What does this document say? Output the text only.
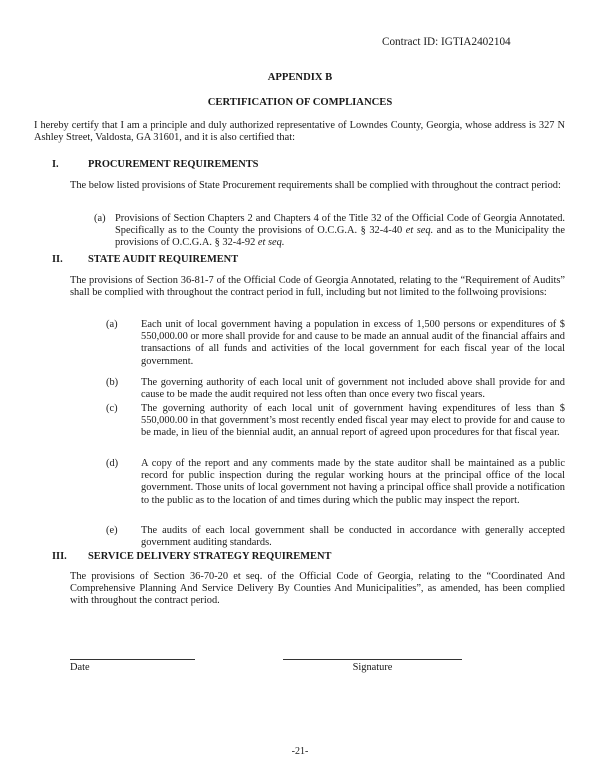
Contract ID: IGTIA2402104
APPENDIX B
CERTIFICATION OF COMPLIANCES
I hereby certify that I am a principle and duly authorized representative of Lowndes County, Georgia, whose address is 327 N Ashley Street, Valdosta, GA 31601, and it is also certified that:
I.	PROCUREMENT REQUIREMENTS
The below listed provisions of State Procurement requirements shall be complied with throughout the contract period:
(a) Provisions of Section Chapters 2 and Chapters 4 of the Title 32 of the Official Code of Georgia Annotated. Specifically as to the County the provisions of O.C.G.A. § 32-4-40 et seq. and as to the Municipality the provisions of O.C.G.A. § 32-4-92 et seq.
II. STATE AUDIT REQUIREMENT
The provisions of Section 36-81-7 of the Official Code of Georgia Annotated, relating to the “Requirement of Audits” shall be complied with throughout the contract period in full, including but not limited to the follwoing provisions:
(a) Each unit of local government having a population in excess of 1,500 persons or expenditures of $ 550,000.00 or more shall provide for and cause to be made an annual audit of the financial affairs and transactions of all funds and activities of the local government for each fiscal year of the local government.
(b) The governing authority of each local unit of government not included above shall provide for and cause to be made the audit required not less often than once every two fiscal years.
(c) The governing authority of each local unit of government having expenditures of less than $ 550,000.00 in that government’s most recently ended fiscal year may elect to provide for and cause to be made, in lieu of the biennial audit, an annual report of agreed upon procedures for that fiscal year.
(d) A copy of the report and any comments made by the state auditor shall be maintained as a public record for public inspection during the regular working hours at the principal office of the local government. Those units of local government not having a principal office shall provide a notification to the public as to the location of and times during which the public may inspect the report.
(e) The audits of each local government shall be conducted in accordance with generally accepted government auditing standards.
III. SERVICE DELIVERY STRATEGY REQUIREMENT
The provisions of Section 36-70-20 et seq. of the Official Code of Georgia, relating to the “Coordinated And Comprehensive Planning And Service Delivery By Counties And Municipalities”, as amended, has been complied with throughout the contract period.
Date	Signature
-21-
